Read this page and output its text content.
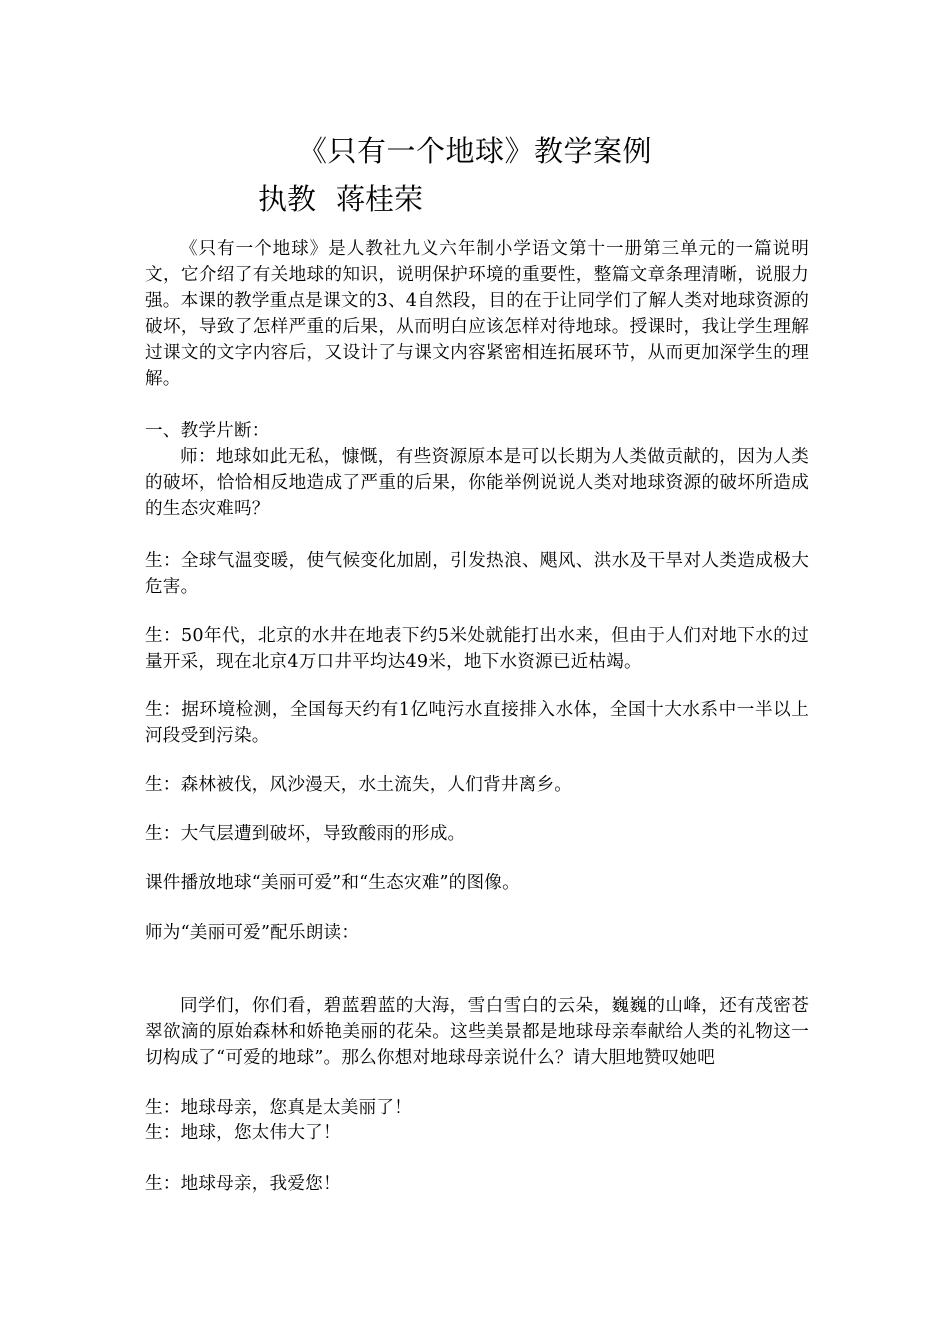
《只有一个地球》教学案例
执教 蒋桂荣

《只有一个地球》是人教社九义六年制小学语文第十一册第三单元的一篇说明文，它介绍了有关地球的知识，说明保护环境的重要性，整篇文章条理清晰，说服力强。本课的教学重点是课文的3、4自然段，目的在于让同学们了解人类对地球资源的破坏，导致了怎样严重的后果，从而明白应该怎样对待地球。授课时，我让学生理解过课文的文字内容后，又设计了与课文内容紧密相连拓展环节，从而更加深学生的理解。

一、教学片断：

师：地球如此无私，慷慨，有些资源原本是可以长期为人类做贡献的，因为人类的破坏，恰恰相反地造成了严重的后果，你能举例说说人类对地球资源的破坏所造成的生态灾难吗？

生：全球气温变暖，使气候变化加剧，引发热浪、飓风、洪水及干旱对人类造成极大危害。

生：50年代，北京的水井在地表下约5米处就能打出水来，但由于人们对地下水的过量开采，现在北京4万口井平均达49米，地下水资源已近枯竭。

生：据环境检测，全国每天约有1亿吨污水直接排入水体，全国十大水系中一半以上河段受到污染。

生：森林被伐，风沙漫天，水土流失，人们背井离乡。

生：大气层遭到破坏，导致酸雨的形成。

课件播放地球“美丽可爱”和“生态灾难”的图像。

师为“美丽可爱”配乐朗读：

同学们，你们看，碧蓝碧蓝的大海，雪白雪白的云朵，巍巍的山峰，还有茂密苍翠欲滴的原始森林和娇艳美丽的花朵。这些美景都是地球母亲奉献给人类的礼物这一切构成了“可爱的地球”。那么你想对地球母亲说什么？请大胆地赞叹她吧

生：地球母亲，您真是太美丽了！

生：地球，您太伟大了！

生：地球母亲，我爱您！
